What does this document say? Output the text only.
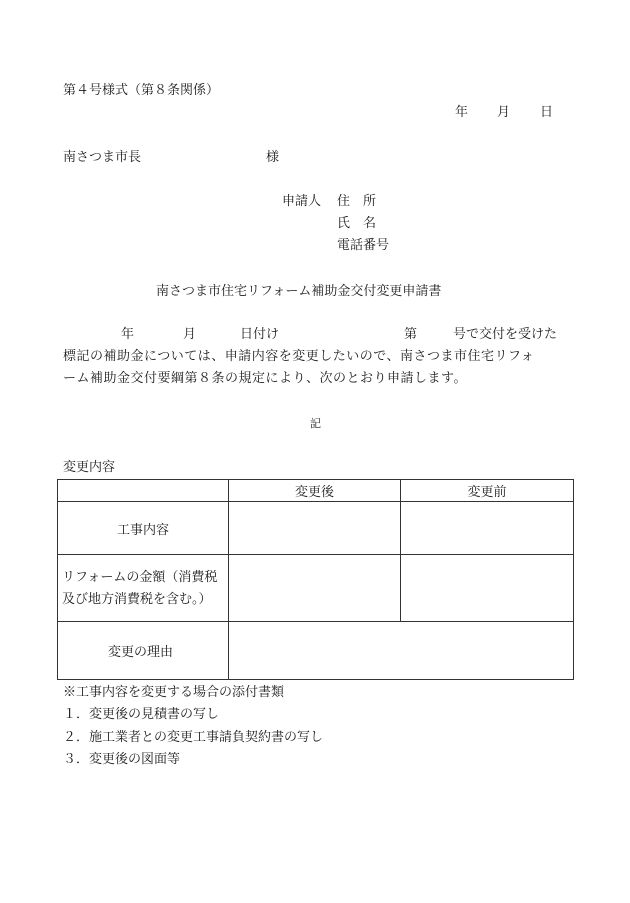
第４号様式（第８条関係）
年 月 日
南さつま市長	様
申請人 住　所
氏　名
電話番号
南さつま市住宅リフォーム補助金交付変更申請書
年	月	日付け	第	号で交付を受けた
標記の補助金については、申請内容を変更したいので、南さつま市住宅リフォ
ーム補助金交付要綱第８条の規定により、次のとおり申請します。
記
変更内容
	変更後	変更前
工事内容		
リフォームの金額（消費税及び地方消費税を含む。）		
変更の理由		
※工事内容を変更する場合の添付書類
１．変更後の見積書の写し
２．施工業者との変更工事請負契約書の写し
３．変更後の図面等
